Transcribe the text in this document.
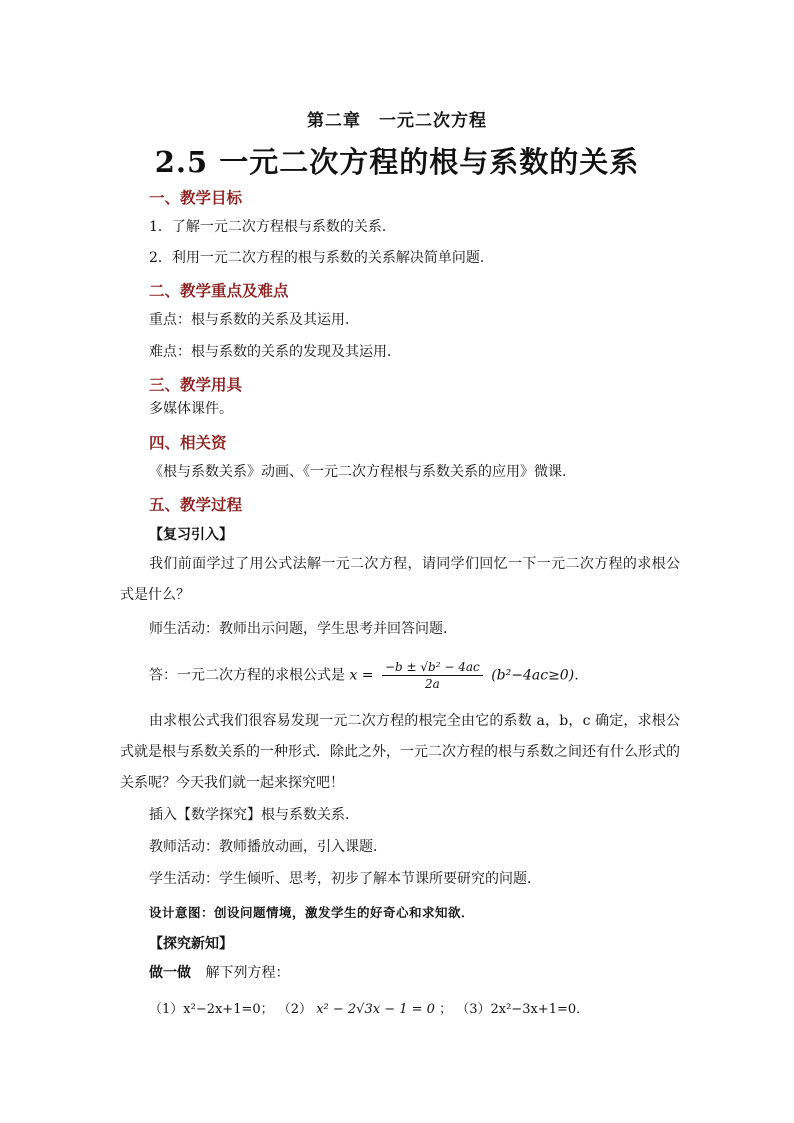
第二章　一元二次方程
2.5 一元二次方程的根与系数的关系
一、教学目标
1．了解一元二次方程根与系数的关系．
2．利用一元二次方程的根与系数的关系解决简单问题．
二、教学重点及难点
重点：根与系数的关系及其运用．
难点：根与系数的关系的发现及其运用．
三、教学用具
多媒体课件。
四、相关资
《根与系数关系》动画、《一元二次方程根与系数关系的应用》微课.
五、教学过程
【复习引入】
我们前面学过了用公式法解一元二次方程，请同学们回忆一下一元二次方程的求根公式是什么？
师生活动：教师出示问题，学生思考并回答问题．
答：一元二次方程的求根公式是 $x = \frac{\text{−b ± √b² − 4ac}}{2a} (b^2-4ac\ge 0)$．
由求根公式我们很容易发现一元二次方程的根完全由它的系数 a，b，c 确定，求根公式就是根与系数关系的一种形式．除此之外，一元二次方程的根与系数之间还有什么形式的关系呢？今天我们就一起来探究吧！
插入【数学探究】根与系数关系．
教师活动：教师播放动画，引入课题．
学生活动：学生倾听、思考，初步了解本节课所要研究的问题．
设计意图：创设问题情境，激发学生的好奇心和求知欲．
【探究新知】
做一做 解下列方程：
（1）x²−2x+1=0； （2） x² − 2√3x − 1 = 0 ； （3）2x²−3x+1=0．
